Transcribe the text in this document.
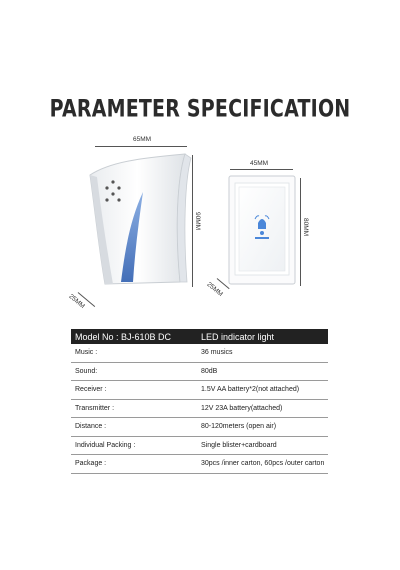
PARAMETER SPECIFICATION
65MM
90MM
25MM
45MM
80MM
25MM
Model No : BJ-610B DC	LED indicator light
Music :	36 musics
Sound:	80dB
Receiver :	1.5V AA battery*2(not attached)
Transmitter :	12V 23A battery(attached)
Distance :	80-120meters (open air)
Individual Packing :	Single blister+cardboard
Package :	30pcs /inner carton, 60pcs /outer carton
